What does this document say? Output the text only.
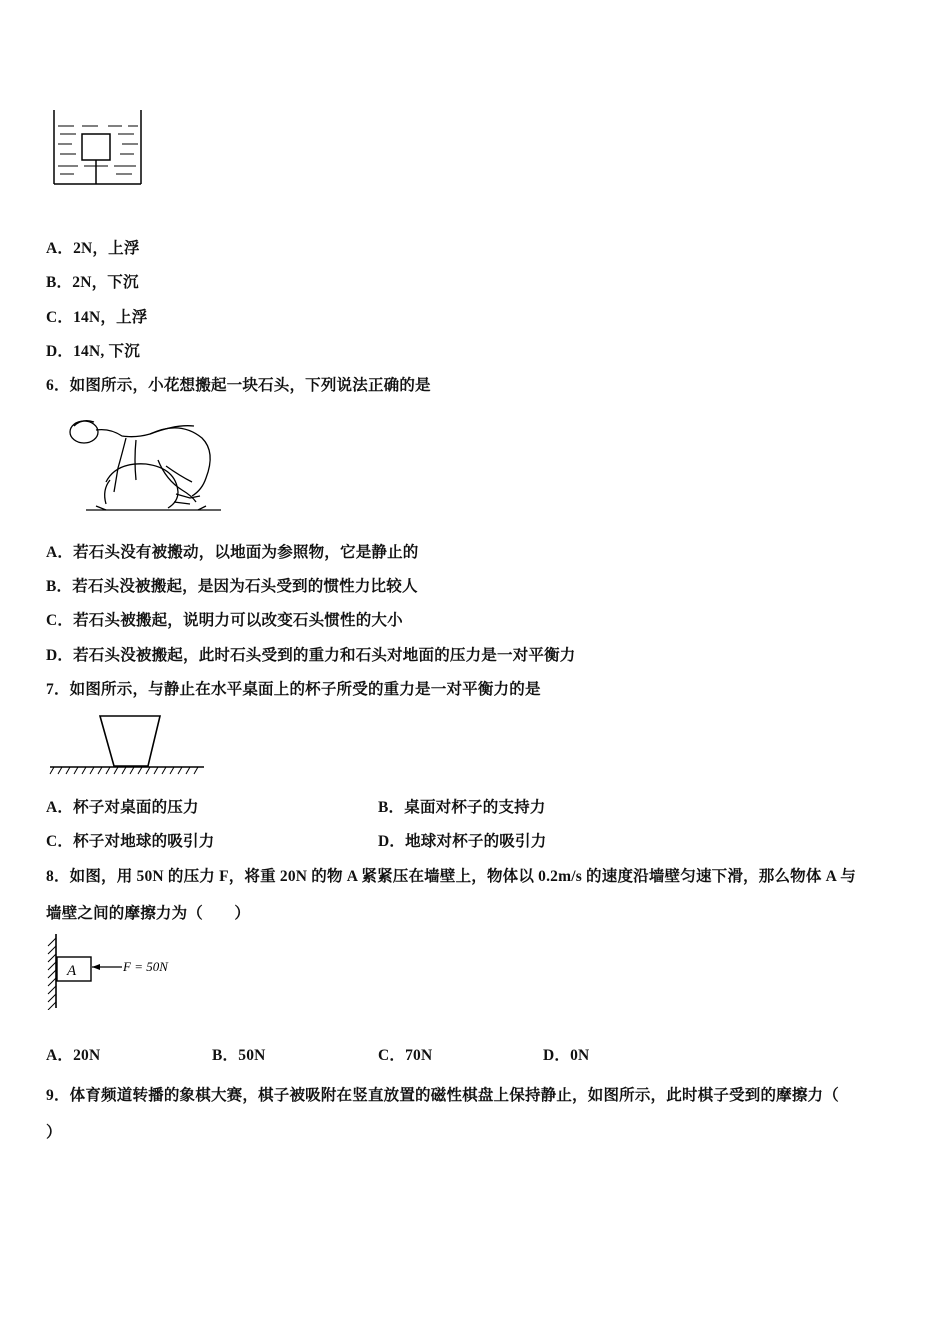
A．2N，上浮
B．2N，下沉
C．14N，上浮
D．14N, 下沉
6．如图所示，小花想搬起一块石头，下列说法正确的是
A．若石头没有被搬动，以地面为参照物，它是静止的
B．若石头没被搬起，是因为石头受到的惯性力比较人
C．若石头被搬起，说明力可以改变石头惯性的大小
D．若石头没被搬起，此时石头受到的重力和石头对地面的压力是一对平衡力
7．如图所示，与静止在水平桌面上的杯子所受的重力是一对平衡力的是
A．杯子对桌面的压力	B．桌面对杯子的支持力
C．杯子对地球的吸引力	D．地球对杯子的吸引力
8．如图，用 50N 的压力 F，将重 20N 的物 A 紧紧压在墙壁上，物体以 0.2m/s 的速度沿墙壁匀速下滑，那么物体 A 与
墙壁之间的摩擦力为（　　）
A	F = 50N
A．20N	B．50N	C．70N	D．0N
9．体育频道转播的象棋大赛，棋子被吸附在竖直放置的磁性棋盘上保持静止，如图所示，此时棋子受到的摩擦力（
）
